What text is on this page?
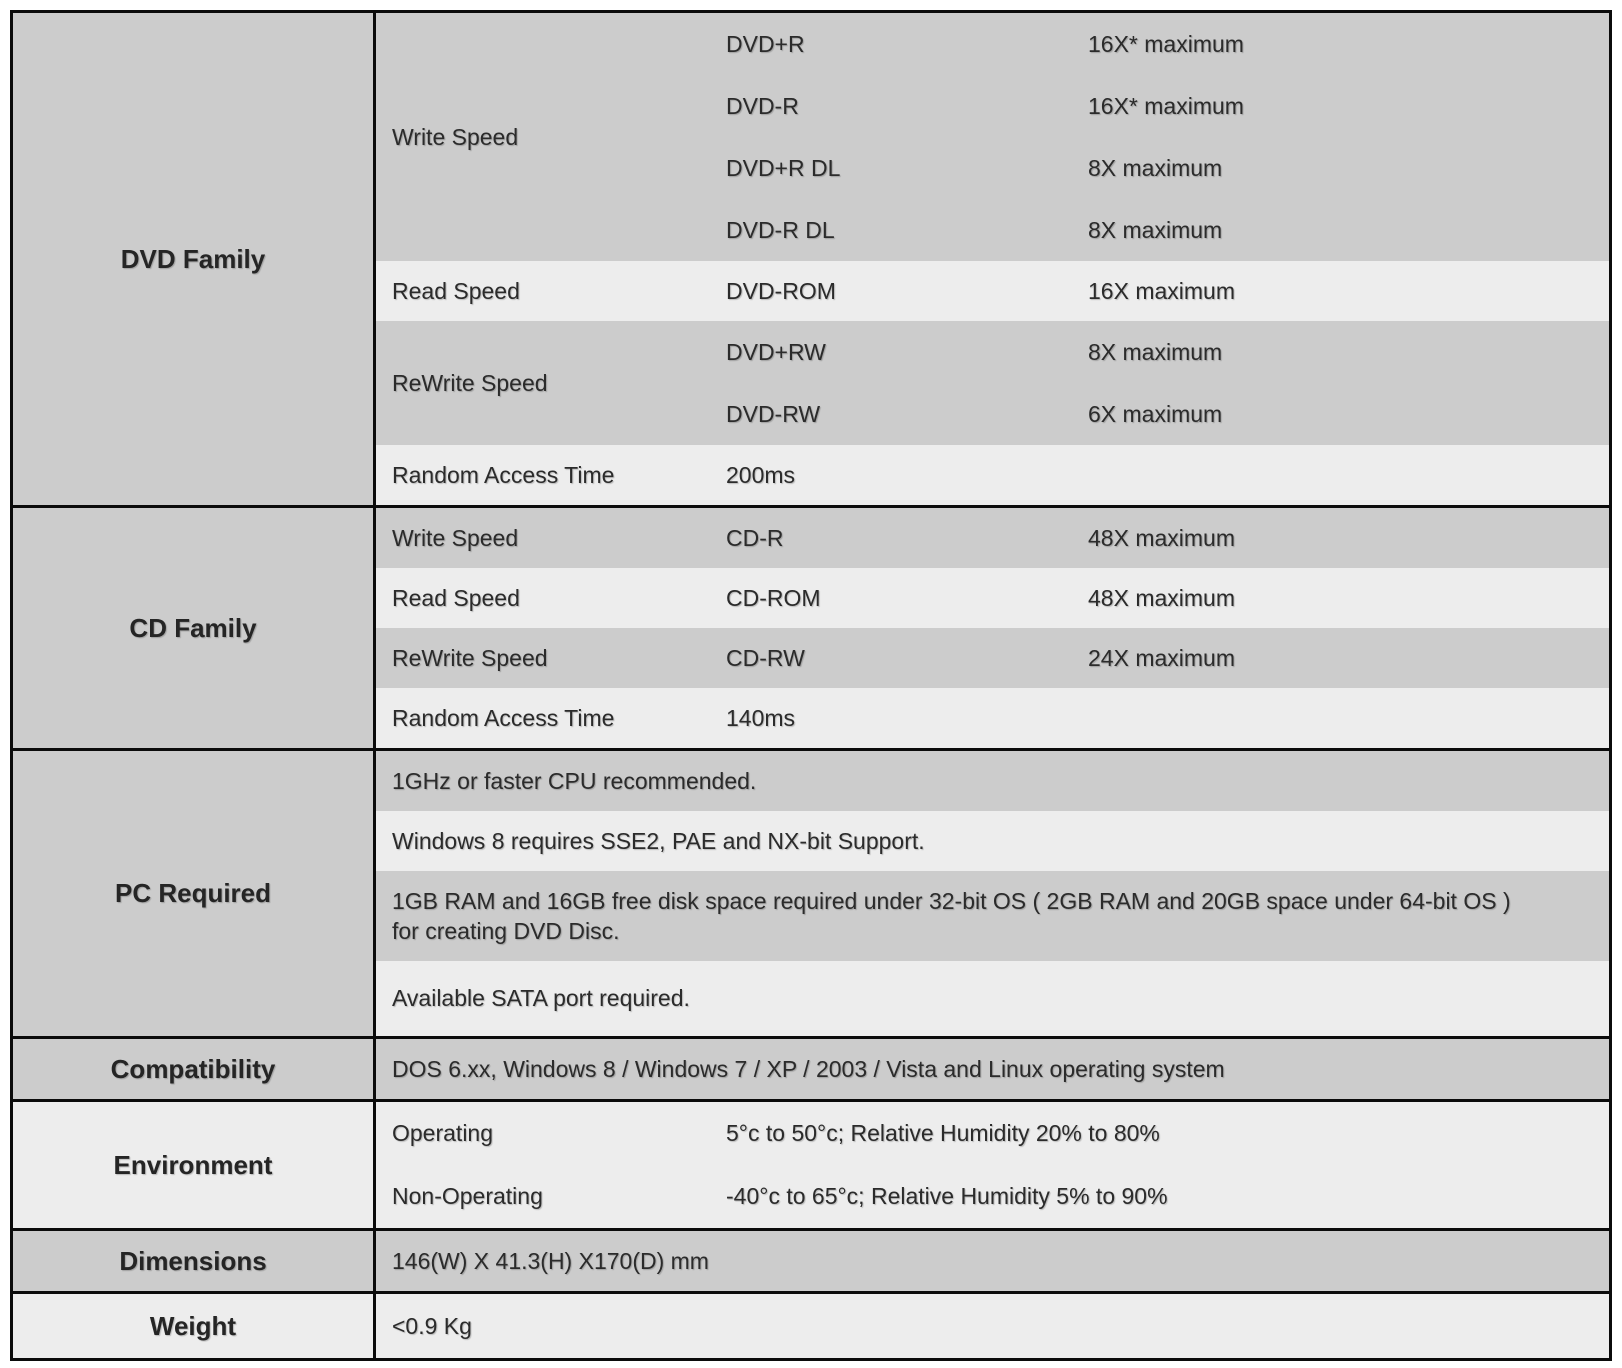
DVD Family
Write Speed
DVD+R	16X* maximum
DVD-R	16X* maximum
DVD+R DL	8X maximum
DVD-R DL	8X maximum
Read Speed	DVD-ROM	16X maximum
ReWrite Speed
DVD+RW	8X maximum
DVD-RW	6X maximum
Random Access Time	200ms
CD Family
Write Speed	CD-R	48X maximum
Read Speed	CD-ROM	48X maximum
ReWrite Speed	CD-RW	24X maximum
Random Access Time	140ms
PC Required
1GHz or faster CPU recommended.
Windows 8 requires SSE2, PAE and NX-bit Support.
1GB RAM and 16GB free disk space required under 32-bit OS ( 2GB RAM and 20GB space under 64-bit OS ) for creating DVD Disc.
Available SATA port required.
Compatibility	DOS 6.xx, Windows 8 / Windows 7 / XP / 2003 / Vista and Linux operating system
Environment
Operating	5°c to 50°c; Relative Humidity 20% to 80%
Non-Operating	-40°c to 65°c; Relative Humidity 5% to 90%
Dimensions	146(W) X 41.3(H) X170(D) mm
Weight	<0.9 Kg
